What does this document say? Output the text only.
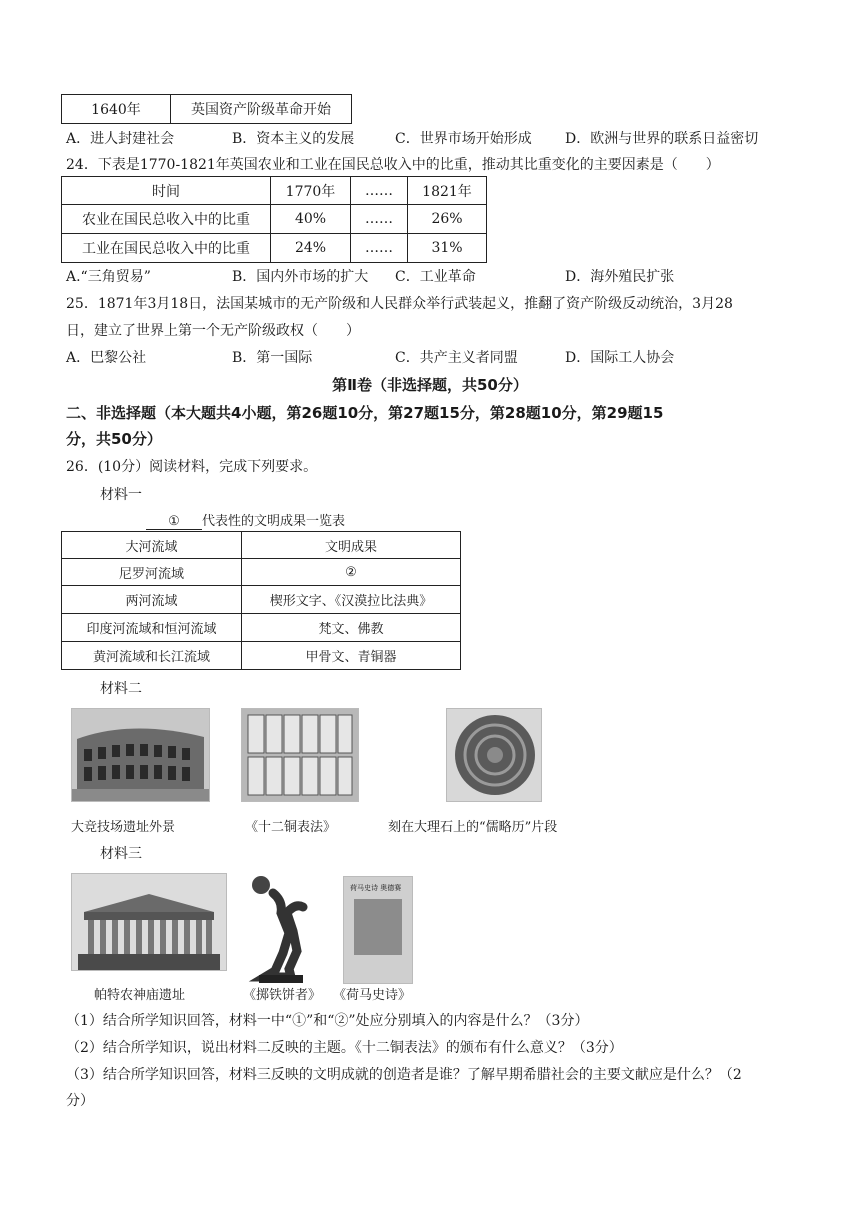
1640年	英国资产阶级革命开始
A．进人封建社会	B．资本主义的发展	C．世界市场开始形成 D．欧洲与世界的联系日益密切
24．下表是1770-1821年英国农业和工业在国民总收入中的比重，推动其比重变化的主要因素是（　　）
时间	1770年	……	1821年
农业在国民总收入中的比重	40%	……	26%
工业在国民总收入中的比重	24%	……	31%
A.“三角贸易”	B．国内外市场的扩大 C．工业革命	D．海外殖民扩张
25．1871年3月18日，法国某城市的无产阶级和人民群众举行武装起义，推翻了资产阶级反动统治，3月28
日，建立了世界上第一个无产阶级政权（　　）
A．巴黎公社	B．第一国际	C．共产主义者同盟	D．国际工人协会
第Ⅱ卷（非选择题，共50分）
二、非选择题（本大题共4小题，第26题10分，第27题15分，第28题10分，第29题15
分，共50分）
26．(10分）阅读材料，完成下列要求。
材料一
① 代表性的文明成果一览表
大河流域	文明成果
尼罗河流域	②
两河流域	楔形文字、《汉漠拉比法典》
印度河流域和恒河流域	梵文、佛教
黄河流域和长江流域	甲骨文、青铜器
材料二
大竞技场遗址外景	《十二铜表法》	刻在大理石上的“儒略历”片段
材料三
荷马史诗 奥德赛
帕特农神庙遗址	《掷铁饼者》 《荷马史诗》
（1）结合所学知识回答，材料一中“①”和“②”处应分别填入的内容是什么？（3分）
（2）结合所学知识，说出材料二反映的主题。《十二铜表法》的颁布有什么意义？（3分）
（3）结合所学知识回答，材料三反映的文明成就的创造者是谁？了解早期希腊社会的主要文献应是什么？（2
分）
